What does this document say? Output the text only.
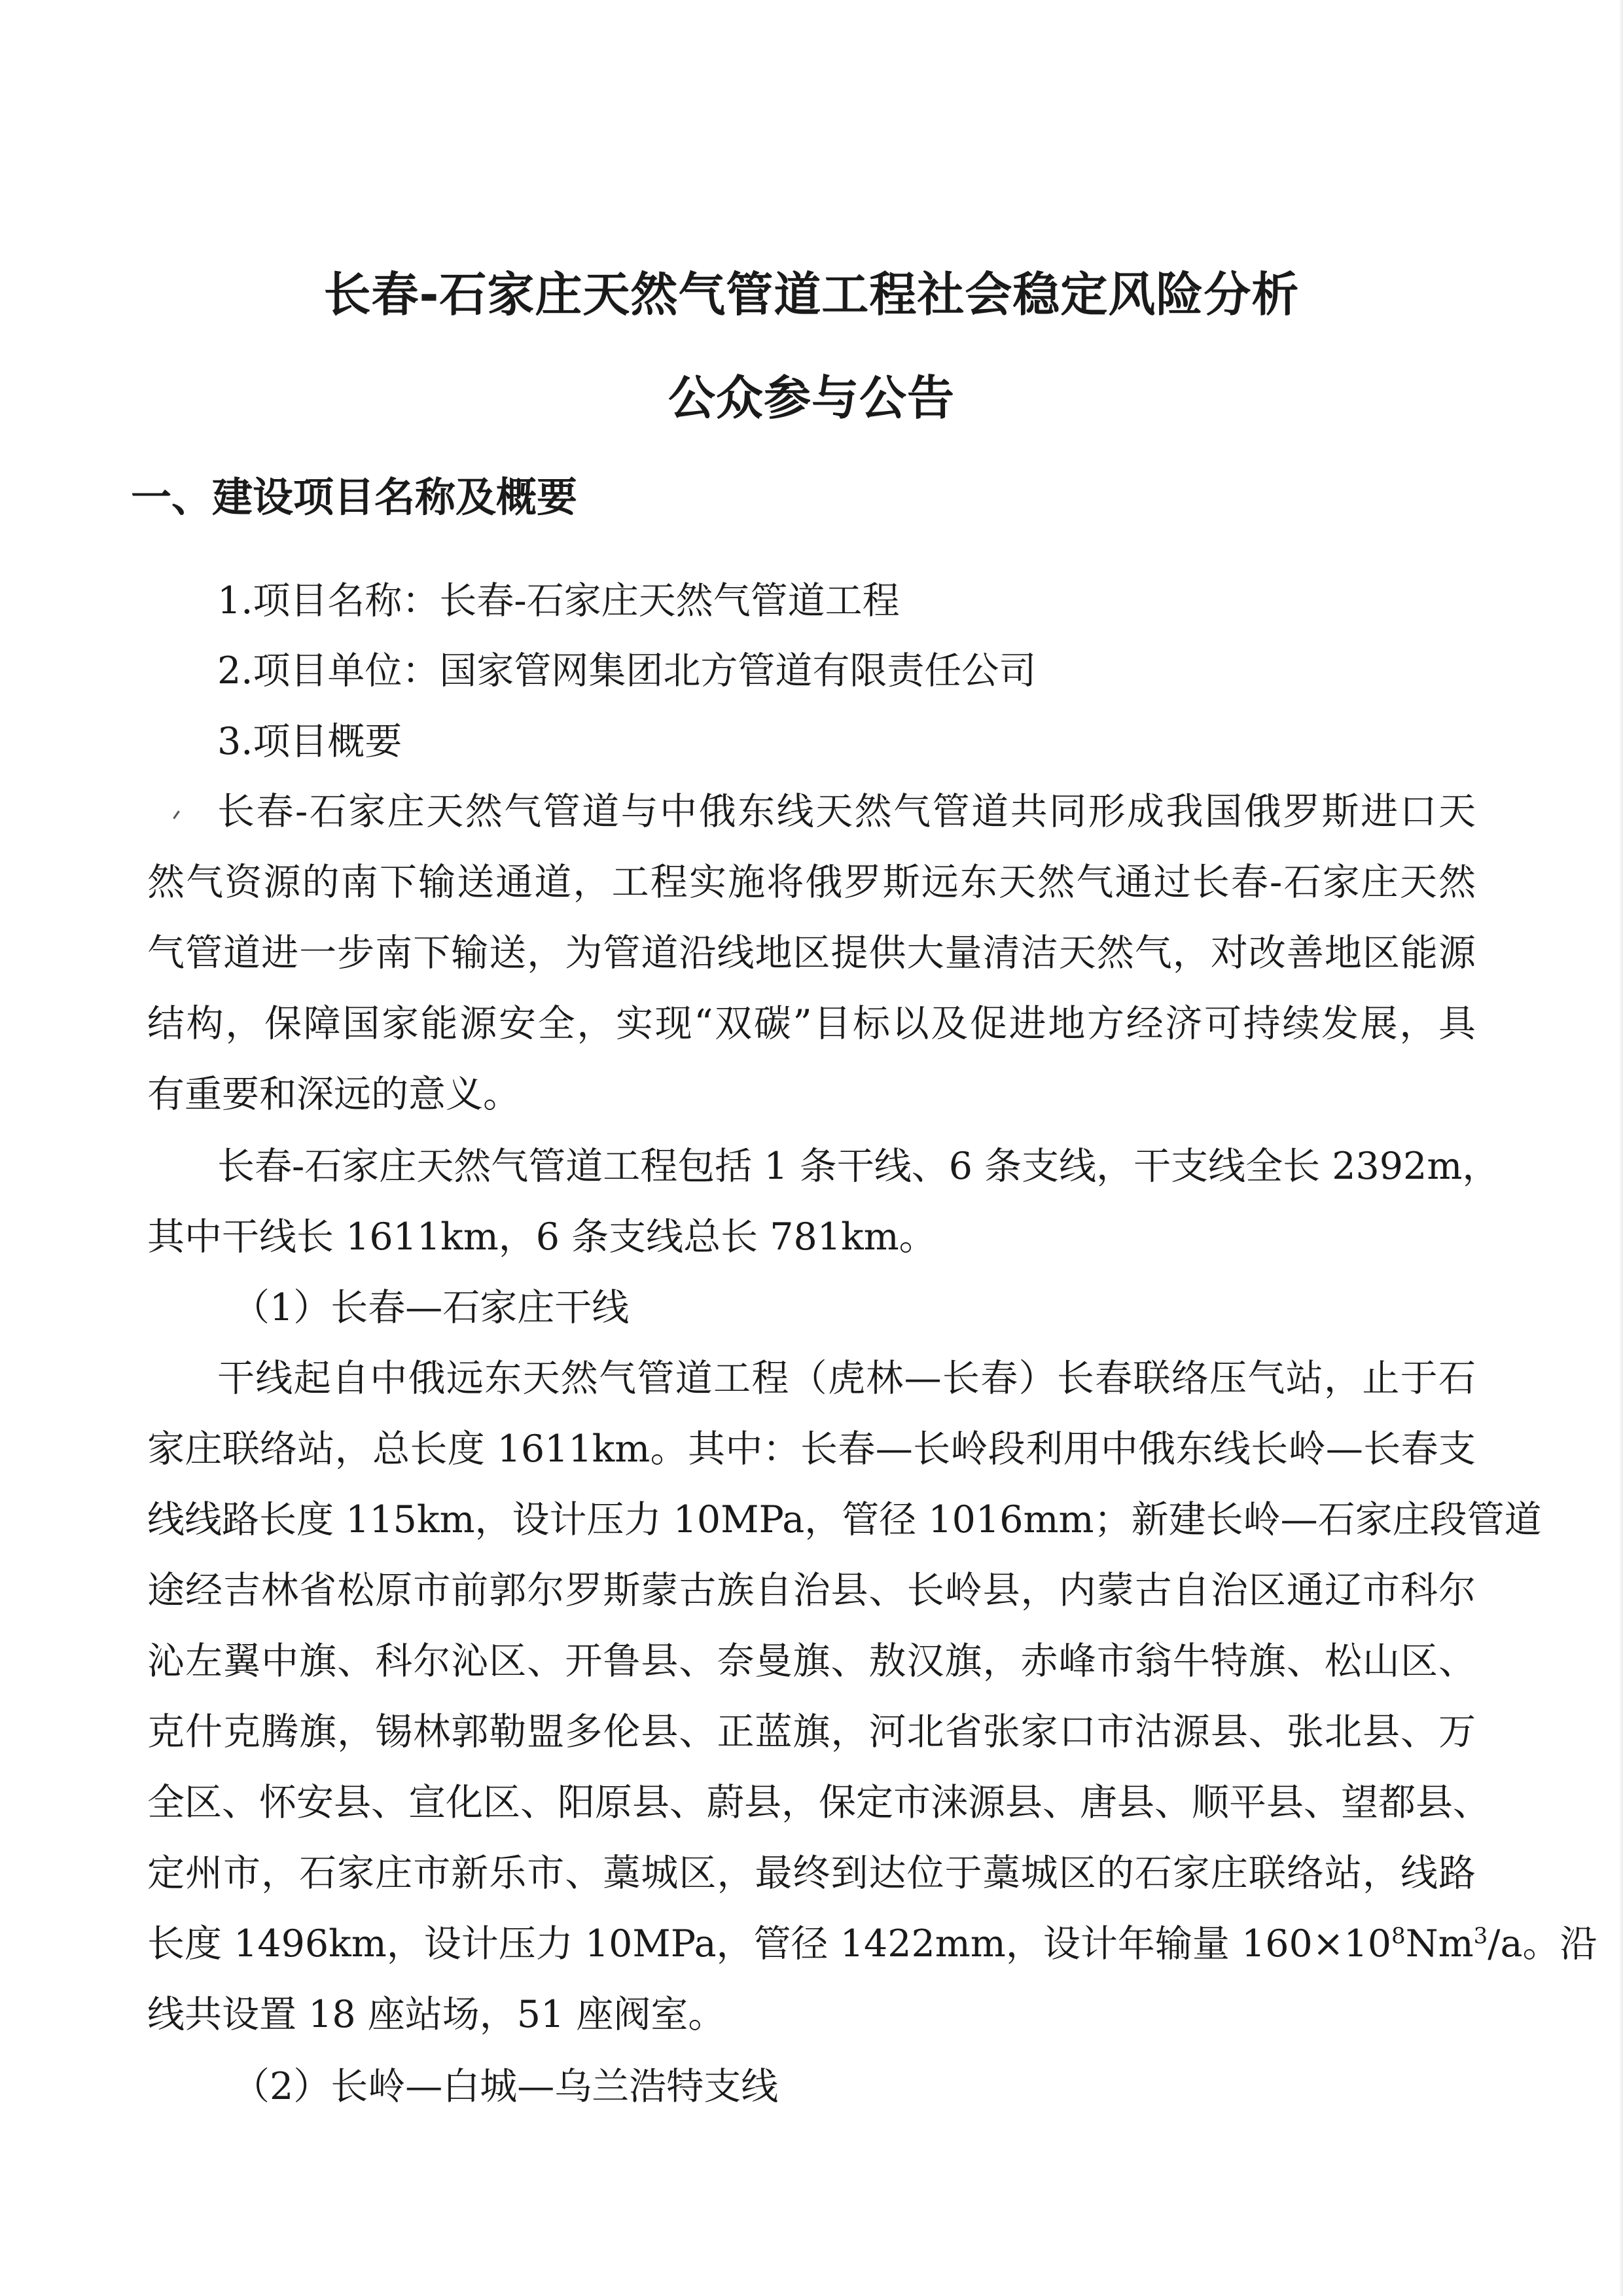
长春-石家庄天然气管道工程社会稳定风险分析
公众参与公告
一、建设项目名称及概要
1.项目名称：长春-石家庄天然气管道工程
2.项目单位：国家管网集团北方管道有限责任公司
3.项目概要
长春-石家庄天然气管道与中俄东线天然气管道共同形成我国俄罗斯进口天
然气资源的南下输送通道，工程实施将俄罗斯远东天然气通过长春-石家庄天然
气管道进一步南下输送，为管道沿线地区提供大量清洁天然气，对改善地区能源
结构，保障国家能源安全，实现“双碳”目标以及促进地方经济可持续发展，具
有重要和深远的意义。
长春-石家庄天然气管道工程包括 1 条干线、6 条支线，干支线全长 2392m，
其中干线长 1611km，6 条支线总长 781km。
（1）长春—石家庄干线
干线起自中俄远东天然气管道工程（虎林—长春）长春联络压气站，止于石
家庄联络站，总长度 1611km。其中：长春—长岭段利用中俄东线长岭—长春支
线线路长度 115km，设计压力 10MPa，管径 1016mm；新建长岭—石家庄段管道
途经吉林省松原市前郭尔罗斯蒙古族自治县、长岭县，内蒙古自治区通辽市科尔
沁左翼中旗、科尔沁区、开鲁县、奈曼旗、敖汉旗，赤峰市翁牛特旗、松山区、
克什克腾旗，锡林郭勒盟多伦县、正蓝旗，河北省张家口市沽源县、张北县、万
全区、怀安县、宣化区、阳原县、蔚县，保定市涞源县、唐县、顺平县、望都县、
定州市，石家庄市新乐市、藁城区，最终到达位于藁城区的石家庄联络站，线路
长度 1496km，设计压力 10MPa，管径 1422mm，设计年输量 $160\times 10^8Nm^3/a$。沿
线共设置 18 座站场，51 座阀室。
（2）长岭—白城—乌兰浩特支线
